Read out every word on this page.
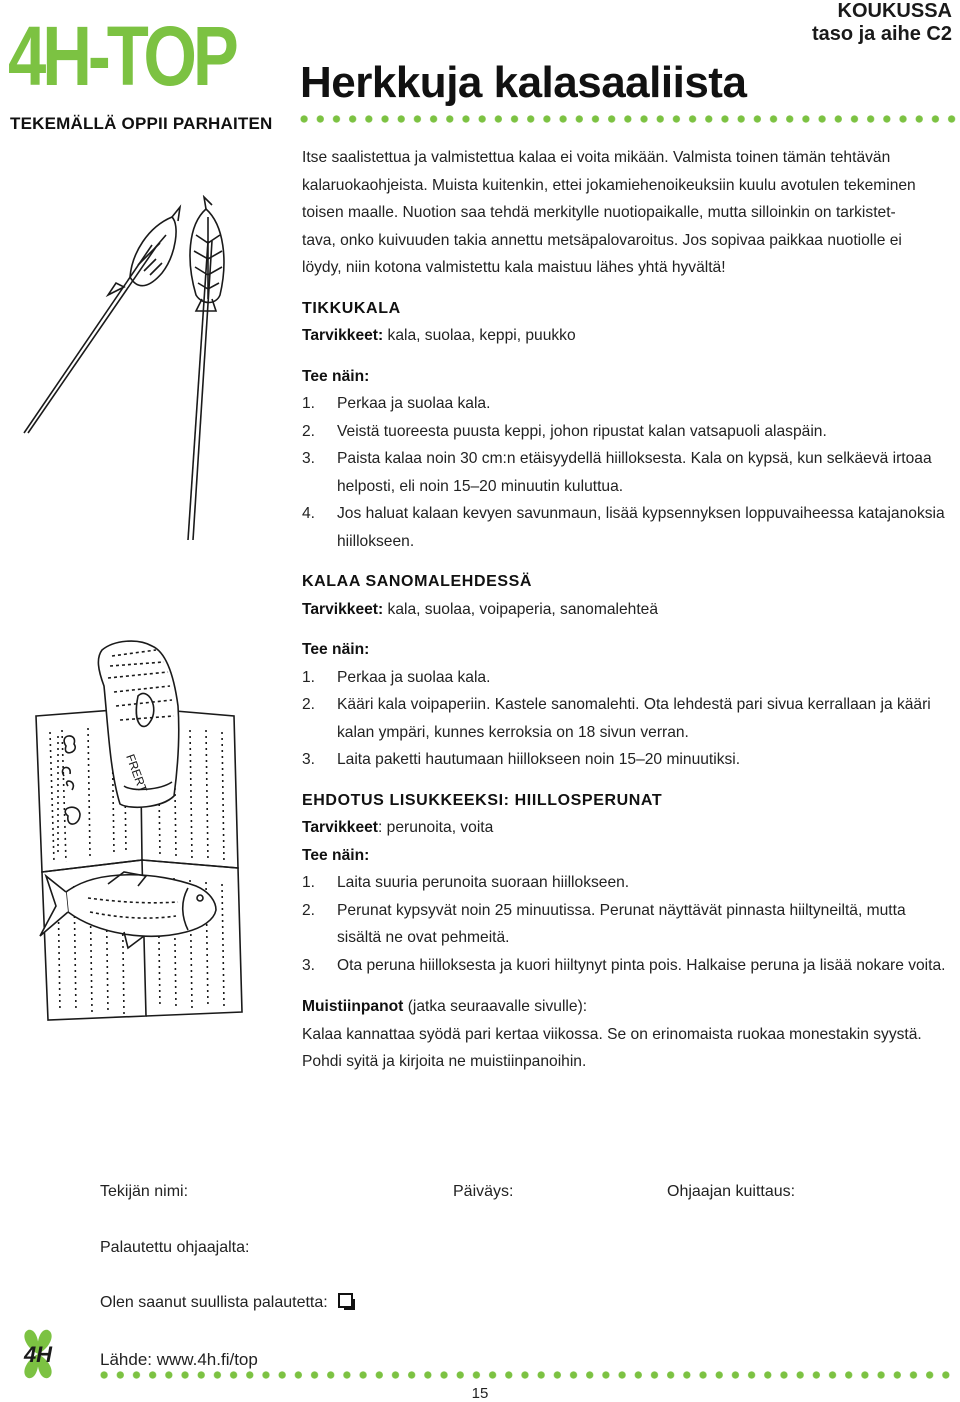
4H-TOP
TEKEMÄLLÄ OPPII PARHAITEN
Herkkuja kalasaaliista
KOUKUSSA
taso ja aihe C2
FRERT

Itse saalistettua ja valmistettua kalaa ei voita mikään. Valmista toinen tämän tehtävän

kalaruokaohjeista. Muista kuitenkin, ettei jokamiehenoikeuksiin kuulu avotulen tekeminen

toisen maalle. Nuotion saa tehdä merkitylle nuotiopaikalle, mutta silloinkin on tarkistet-

tava, onko kuivuuden takia annettu metsäpalovaroitus. Jos sopivaa paikkaa nuotiolle ei

löydy, niin kotona valmistettu kala maistuu lähes yhtä hyvältä!

TIKKUKALA

Tarvikkeet: kala, suolaa, keppi, puukko

Tee näin:

1. Perkaa ja suolaa kala.
2. Veistä tuoreesta puusta keppi, johon ripustat kalan vatsapuoli alaspäin.
3. Paista kalaa noin 30 cm:n etäisyydellä hiilloksesta. Kala on kypsä, kun selkäevä irtoaa helposti, eli noin 15–20 minuutin kuluttua.
4. Jos haluat kalaan kevyen savunmaun, lisää kypsennyksen loppuvaiheessa katajanoksia hiillokseen.

KALAA SANOMALEHDESSÄ

Tarvikkeet: kala, suolaa, voipaperia, sanomalehteä

Tee näin:

1. Perkaa ja suolaa kala.
2. Kääri kala voipaperiin. Kastele sanomalehti. Ota lehdestä pari sivua kerrallaan ja kääri kalan ympäri, kunnes kerroksia on 18 sivun verran.
3. Laita paketti hautumaan hiillokseen noin 15–20 minuutiksi.

EHDOTUS LISUKKEEKSI: HIILLOSPERUNAT

Tarvikkeet: perunoita, voita

Tee näin:

1. Laita suuria perunoita suoraan hiillokseen.
2. Perunat kypsyvät noin 25 minuutissa. Perunat näyttävät pinnasta hiiltyneiltä, mutta sisältä ne ovat pehmeitä.
3. Ota peruna hiilloksesta ja kuori hiiltynyt pinta pois. Halkaise peruna ja lisää nokare voita.

Muistiinpanot (jatka seuraavalle sivulle):

Kalaa kannattaa syödä pari kertaa viikossa. Se on erinomaista ruokaa monestakin syystä.

Pohdi syitä ja kirjoita ne muistiinpanoihin.

Tekijän nimi:	Päiväys:	Ohjaajan kuittaus:
Palautettu ohjaajalta:
Olen saanut suullista palautetta:
4H	Lähde: www.4h.fi/top
15
